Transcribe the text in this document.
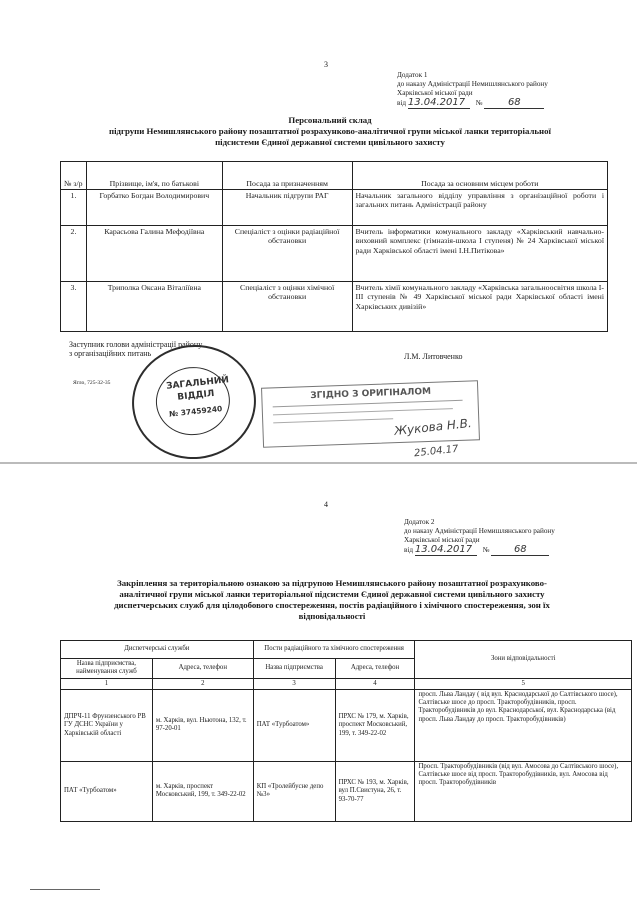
3
Додаток 1
до наказу Адміністрації Немишлянського району
Харківської міської ради
від 13.04.2017 №	68
Персональний склад
підгрупи Немишлянського району позаштатної розрахунково-аналітичної групи міської ланки територіальної
підсистеми Єдиної державної системи цивільного захисту
№ з/р	Прізвище, ім'я, по батькові	Посада за призначенням	Посада за основним місцем роботи
1.	Горбатко Богдан Володимирович	Начальник підгрупи РАГ	Начальник загального відділу управління з організаційної роботи і загальних питань Адміністрації району
2.	Карасьова Галина Мефодіївна	Спеціаліст з оцінки радіаційної обстановки	Вчитель інформатики комунального закладу «Харківський навчально-виховний комплекс (гімназія-школа І ступеня) № 24 Харківської міської ради Харківської області імені І.Н.Питікова»
3.	Триполка Оксана Віталіївна	Спеціаліст з оцінки хімічної обстановки	Вчитель хімії комунального закладу «Харківська загальноосвітня школа І-ІІІ ступенів № 49 Харківської міської ради Харківської області імені Харківських дивізій»
Заступник голови адміністрації району
з організаційних питань	Л.М. Литовченко
Ягло, 725-32-35	ЗАГАЛЬНИЙ
ВІДДІЛ
№ 37459240
ЗГІДНО З ОРИГІНАЛОМ
Жукова Н.В.
25.04.17
4
Додаток 2
до наказу Адміністрації Немишлянського району
Харківської міської ради
від 13.04.2017 № 68
Закріплення за територіальною ознакою за підгрупою Немишлянського району позаштатної розрахунково-
аналітичної групи міської ланки територіальної підсистеми Єдиної державної системи цивільного захисту
диспетчерських служб для цілодобового спостереження, постів радіаційного і хімічного спостереження, зон їх
відповідальності
Диспетчерські служби		Пости радіаційного та хімічного спостереження		Зони відповідальності
Назва підприємства, найменування служб	Адреса, телефон	Назва підприємства	Адреса, телефон	
1	2	3	4	5
ДПРЧ-11 Фрунзенського РВ ГУ ДСНС України у Харківській області	м. Харків, вул. Ньютона, 132, т. 97-20-01	ПАТ «Турбоатом»	ПРХС № 179, м. Харків, проспект Московський, 199, т. 349-22-02	просп. Льва Ландау ( від вул. Краснодарської до Салтівського шосе), Салтівське шосе до просп. Тракторобудівників, просп. Тракторобудівників до вул. Краснодарської, вул. Краснодарська (від просп. Льва Ландау до просп. Тракторобудівників)
ПАТ «Турбоатом»	м. Харків, проспект Московський, 199, т. 349-22-02	КП «Тролейбусне депо №3»	ПРХС № 193, м. Харків, вул П.Свистуна, 26, т. 93-70-77	Просп. Тракторобудівників (від вул. Амосова до Салтівського шосе), Салтівське шосе від просп. Тракторобудівників, вул. Амосова від просп. Тракторобудівників
